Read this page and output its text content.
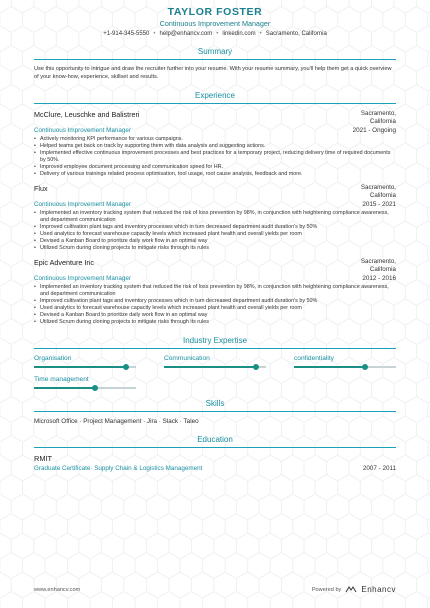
TAYLOR FOSTER
Continuous Improvement Manager
+1-914-345-5550 • help@enhancv.com • linkedin.com • Sacramento, California
Summary
Use this opportunity to intrigue and draw the recruiter further into your resume. With your resume summary, you'll help them get a quick overview of your know-how, experience, skillset and results.
Experience
McClure, Leuschke and Balistreri	Sacramento,
California
Continuous Improvement Manager	2021 - Ongoing
• Actively monitoring KPI performance for various campaigns.
• Helped teams get back on track by supporting them with data analysis and suggesting actions.
• Implemented effective continuous improvement processes and best practices for a temporary project, reducing delivery time of required documents by 50%.
• Improved employee document processing and communication speed for HR.
• Delivery of various trainings related process optimisation, tool usage, root cause analysis, feedback and more.
Flux	Sacramento,
California
Continuous Improvement Manager	2015 - 2021
• Implemented an inventory tracking system that reduced the risk of loss prevention by 98%, in conjunction with heightening compliance awareness, and department communication
• Improved cultivation plant tags and inventory processes which in turn decreased department audit duration's by 50%
• Used analytics to forecast warehouse capacity levels which increased plant health and overall yields per room
• Devised a Kanban Board to prioritize daily work flow in an optimal way
• Utilized Scrum during cloning projects to mitigate risks through its rules
Epic Adventure Inc	Sacramento,
California
Continuous Improvement Manager	2012 - 2016
• Implemented an inventory tracking system that reduced the risk of loss prevention by 98%, in conjunction with heightening compliance awareness, and department communication
• Improved cultivation plant tags and inventory processes which in turn decreased department audit duration's by 50%
• Used analytics to forecast warehouse capacity levels which increased plant health and overall yields per room
• Devised a Kanban Board to prioritize daily work flow in an optimal way
• Utilized Scrum during cloning projects to mitigate risks through its rules
Industry Expertise
Organisation	Communication	confidentiality
Time management
Skills
Microsoft Office · Project Management · Jira · Slack · Taleo
Education
RMIT
Graduate Certificate· Supply Chain & Logistics Management	2007 - 2011
www.enhancv.com	Powered by	Enhancv
